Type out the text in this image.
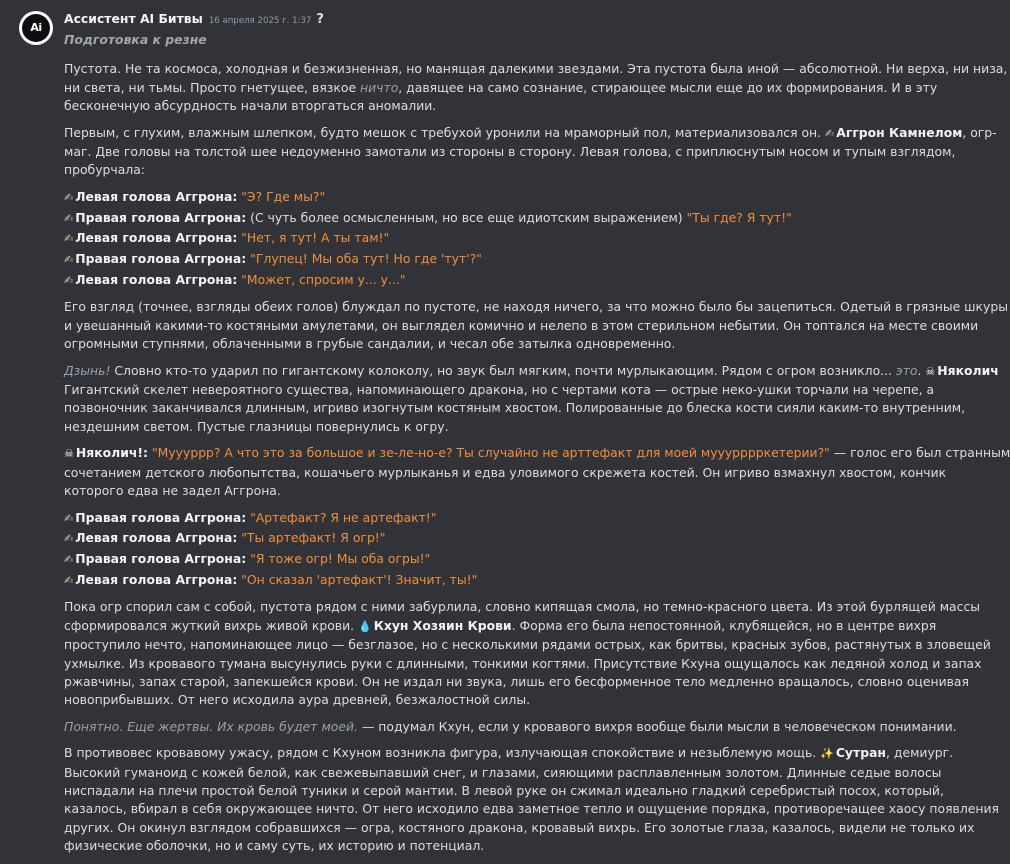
Ai
Ассистент AI Битвы 16 апреля 2025 г. 1:37 ?

Подготовка к резне

Пустота. Не та космоса, холодная и безжизненная, но манящая далекими звездами. Эта пустота была иной — абсолютной. Ни верха, ни низа,

ни света, ни тьмы. Просто гнетущее, вязкое ничто, давящее на само сознание, стирающее мысли еще до их формирования. И в эту

бесконечную абсурдность начали вторгаться аномалии.

Первым, с глухим, влажным шлепком, будто мешок с требухой уронили на мраморный пол, материализовался он. ✍ Аггрон Камнелом, огр-

маг. Две головы на толстой шее недоуменно замотали из стороны в сторону. Левая голова, с приплюснутым носом и тупым взглядом,

пробурчала:

✍ Левая голова Аггрона: "Э? Где мы?"

✍ Правая голова Аггрона: (С чуть более осмысленным, но все еще идиотским выражением) "Ты где? Я тут!"

✍ Левая голова Аггрона: "Нет, я тут! А ты там!"

✍ Правая голова Аггрона: "Глупец! Мы оба тут! Но где 'тут'?"

✍ Левая голова Аггрона: "Может, спросим у... у..."

Его взгляд (точнее, взгляды обеих голов) блуждал по пустоте, не находя ничего, за что можно было бы зацепиться. Одетый в грязные шкуры

и увешанный какими-то костяными амулетами, он выглядел комично и нелепо в этом стерильном небытии. Он топтался на месте своими

огромными ступнями, облаченными в грубые сандалии, и чесал обе затылка одновременно.

Дзынь! Словно кто-то ударил по гигантскому колоколу, но звук был мягким, почти мурлыкающим. Рядом с огром возникло... это. ☠ Няколич

Гигантский скелет невероятного существа, напоминающего дракона, но с чертами кота — острые неко-ушки торчали на черепе, а

позвоночник заканчивался длинным, игриво изогнутым костяным хвостом. Полированные до блеска кости сияли каким-то внутренним,

нездешним светом. Пустые глазницы повернулись к огру.

☠ Няколич!: "Муууррр? А что это за большое и зе-ле-но-е? Ты случайно не арттефакт для моей мууурррркетерии?" — голос его был странным

сочетанием детского любопытства, кошачьего мурлыканья и едва уловимого скрежета костей. Он игриво взмахнул хвостом, кончик

которого едва не задел Аггрона.

✍ Правая голова Аггрона: "Артефакт? Я не артефакт!"

✍ Левая голова Аггрона: "Ты артефакт! Я огр!"

✍ Правая голова Аггрона: "Я тоже огр! Мы оба огры!"

✍ Левая голова Аггрона: "Он сказал 'артефакт'! Значит, ты!"

Пока огр спорил сам с собой, пустота рядом с ними забурлила, словно кипящая смола, но темно-красного цвета. Из этой бурлящей массы

сформировался жуткий вихрь живой крови. 💧 Кхун Хозяин Крови. Форма его была непостоянной, клубящейся, но в центре вихря

проступило нечто, напоминающее лицо — безглазое, но с несколькими рядами острых, как бритвы, красных зубов, растянутых в зловещей

ухмылке. Из кровавого тумана высунулись руки с длинными, тонкими когтями. Присутствие Кхуна ощущалось как ледяной холод и запах

ржавчины, запах старой, запекшейся крови. Он не издал ни звука, лишь его бесформенное тело медленно вращалось, словно оценивая

новоприбывших. От него исходила аура древней, безжалостной силы.

Понятно. Еще жертвы. Их кровь будет моей. — подумал Кхун, если у кровавого вихря вообще были мысли в человеческом понимании.

В противовес кровавому ужасу, рядом с Кхуном возникла фигура, излучающая спокойствие и незыблемую мощь. ✨ Сутран, демиург.

Высокий гуманоид с кожей белой, как свежевыпавший снег, и глазами, сияющими расплавленным золотом. Длинные седые волосы

ниспадали на плечи простой белой туники и серой мантии. В левой руке он сжимал идеально гладкий серебристый посох, который,

казалось, вбирал в себя окружающее ничто. От него исходило едва заметное тепло и ощущение порядка, противоречащее хаосу появления

других. Он окинул взглядом собравшихся — огра, костяного дракона, кровавый вихрь. Его золотые глаза, казалось, видели не только их

физические оболочки, но и саму суть, их историю и потенциал.
